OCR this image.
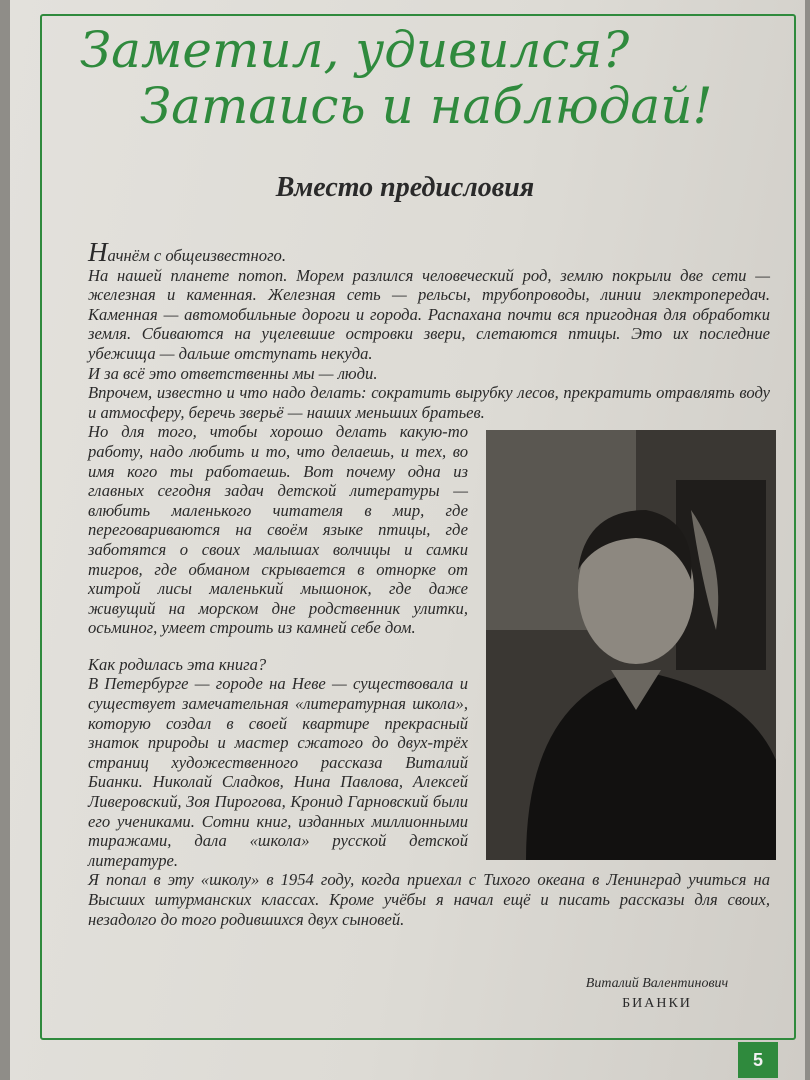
Заметил, удивился?
Затаись и наблюдай!
Вместо предисловия

Начнём с общеизвестного.

На нашей планете потоп. Морем разлился человеческий род, землю покрыли две сети — железная и каменная. Железная сеть — рельсы, трубопроводы, линии электропередач. Каменная — автомобильные дороги и города. Распахана почти вся пригодная для обработки земля. Сбиваются на уцелевшие островки звери, слетаются птицы. Это их последние убежища — дальше отступать некуда.

И за всё это ответственны мы — люди.

Впрочем, известно и что надо делать: сократить вырубку лесов, прекратить отравлять воду и атмосферу, беречь зверьё — наших меньших братьев.

Но для того, чтобы хорошо делать какую-то работу, надо любить и то, что делаешь, и тех, во имя кого ты работаешь. Вот почему одна из главных сегодня задач детской литературы — влюбить маленького читателя в мир, где переговариваются на своём языке птицы, где заботятся о своих малышах волчицы и самки тигров, где обманом скрывается в отнорке от хитрой лисы маленький мышонок, где даже живущий на морском дне родственник улитки, осьминог, умеет строить из камней себе дом.

Как родилась эта книга?

В Петербурге — городе на Неве — существовала и существует замечательная «литературная школа», которую создал в своей квартире прекрасный знаток природы и мастер сжатого до двух-трёх страниц художественного рассказа Виталий Бианки. Николай Сладков, Нина Павлова, Алексей Ливеровский, Зоя Пирогова, Кронид Гарновский были его учениками. Сотни книг, изданных миллионными тиражами, дала «школа» русской детской литературе.

Я попал в эту «школу» в 1954 году, когда приехал с Тихого океана в Ленинград учиться на Высших штурманских классах. Кроме учёбы я начал ещё и писать рассказы для своих, незадолго до того родившихся двух сыновей.

Виталий Валентинович
БИАНКИ
5
